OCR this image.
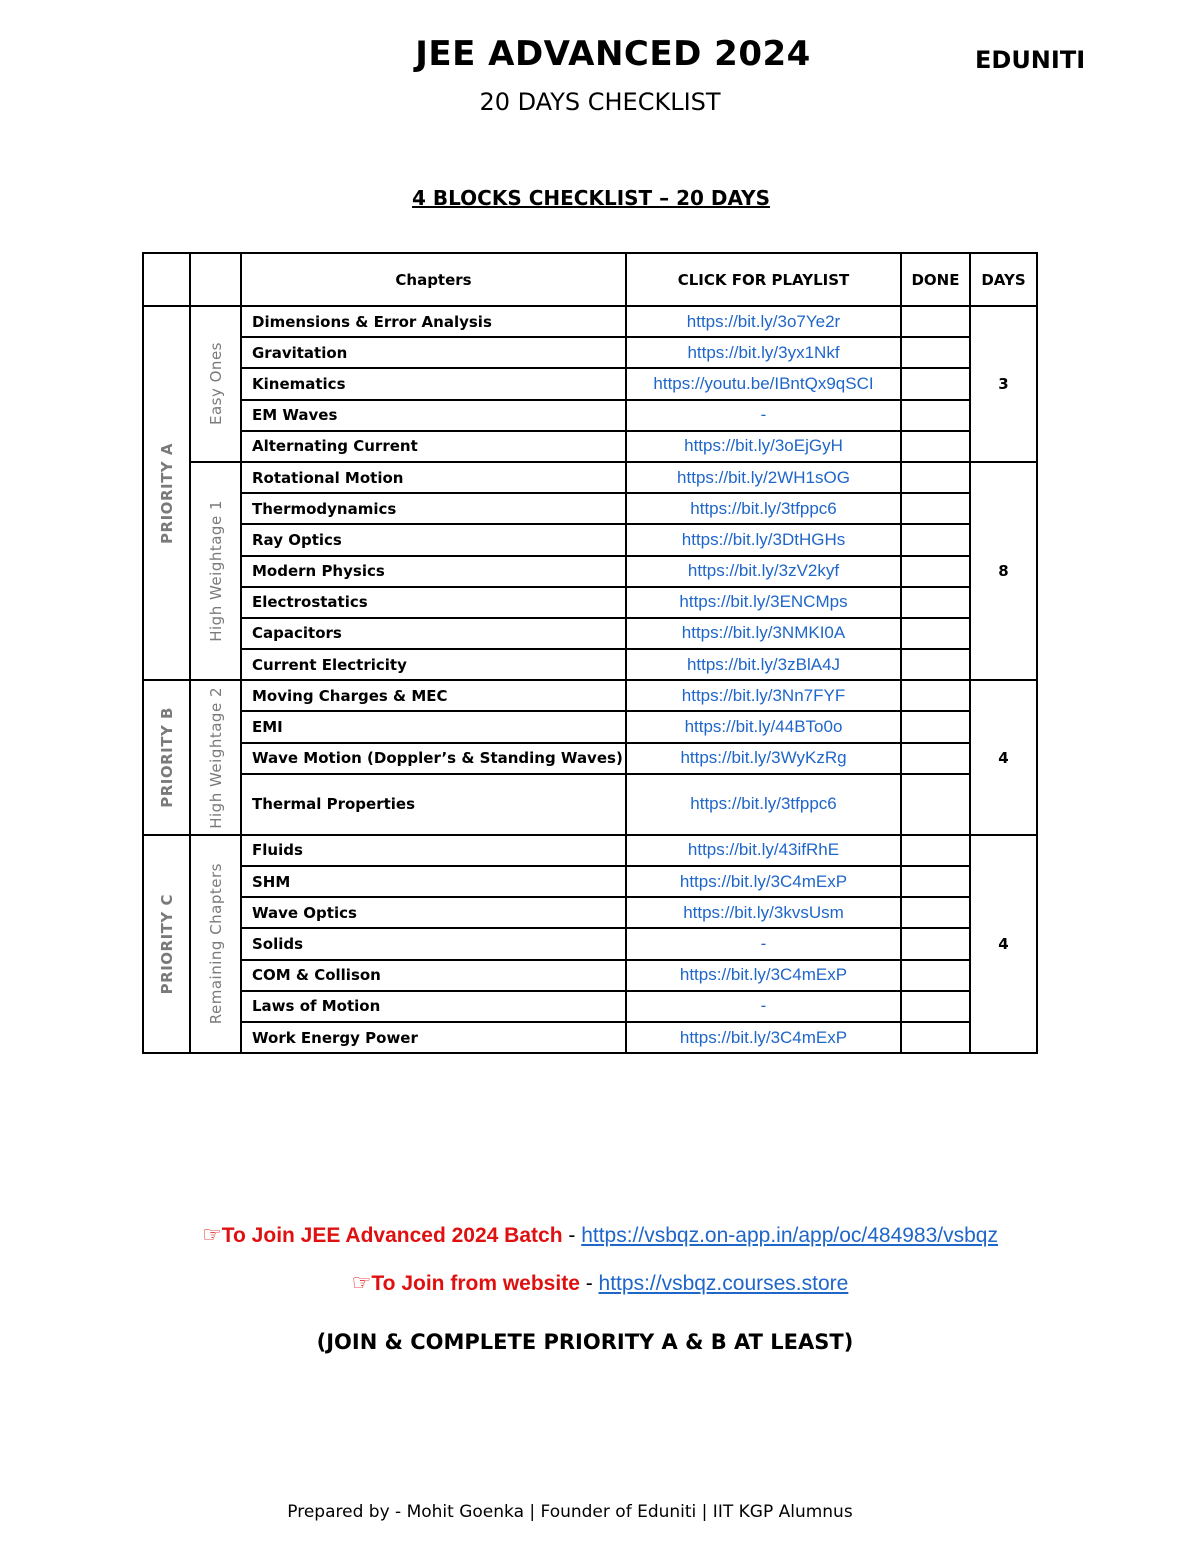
JEE ADVANCED 2024	EDUNITI
20 DAYS CHECKLIST
4 BLOCKS CHECKLIST – 20 DAYS
		Chapters	CLICK FOR PLAYLIST	DONE	DAYS

PRIORITY A	Easy Ones	Dimensions & Error Analysis	https://bit.ly/3o7Ye2r		3
		Gravitation	https://bit.ly/3yx1Nkf		
		Kinematics	https://youtu.be/IBntQx9qSCI		
		EM Waves	-		
		Alternating Current	https://bit.ly/3oEjGyH		

	High Weightage 1	Rotational Motion	https://bit.ly/2WH1sOG		8
		Thermodynamics	https://bit.ly/3tfppc6		
		Ray Optics	https://bit.ly/3DtHGHs		
		Modern Physics	https://bit.ly/3zV2kyf		
		Electrostatics	https://bit.ly/3ENCMps		
		Capacitors	https://bit.ly/3NMKI0A		
		Current Electricity	https://bit.ly/3zBlA4J		

PRIORITY B	High Weightage 2	Moving Charges & MEC	https://bit.ly/3Nn7FYF		4
		EMI	https://bit.ly/44BTo0o		
		Wave Motion (Doppler’s & Standing Waves)	https://bit.ly/3WyKzRg		
		Thermal Properties	https://bit.ly/3tfppc6		

PRIORITY C	Remaining Chapters	Fluids	https://bit.ly/43ifRhE		4
		SHM	https://bit.ly/3C4mExP		
		Wave Optics	https://bit.ly/3kvsUsm		
		Solids	-		
		COM & Collison	https://bit.ly/3C4mExP		
		Laws of Motion	-		
		Work Energy Power	https://bit.ly/3C4mExP		
☞To Join JEE Advanced 2024 Batch - https://vsbqz.on-app.in/app/oc/484983/vsbqz
☞To Join from website - https://vsbqz.courses.store
(JOIN & COMPLETE PRIORITY A & B AT LEAST)
Prepared by - Mohit Goenka | Founder of Eduniti | IIT KGP Alumnus
